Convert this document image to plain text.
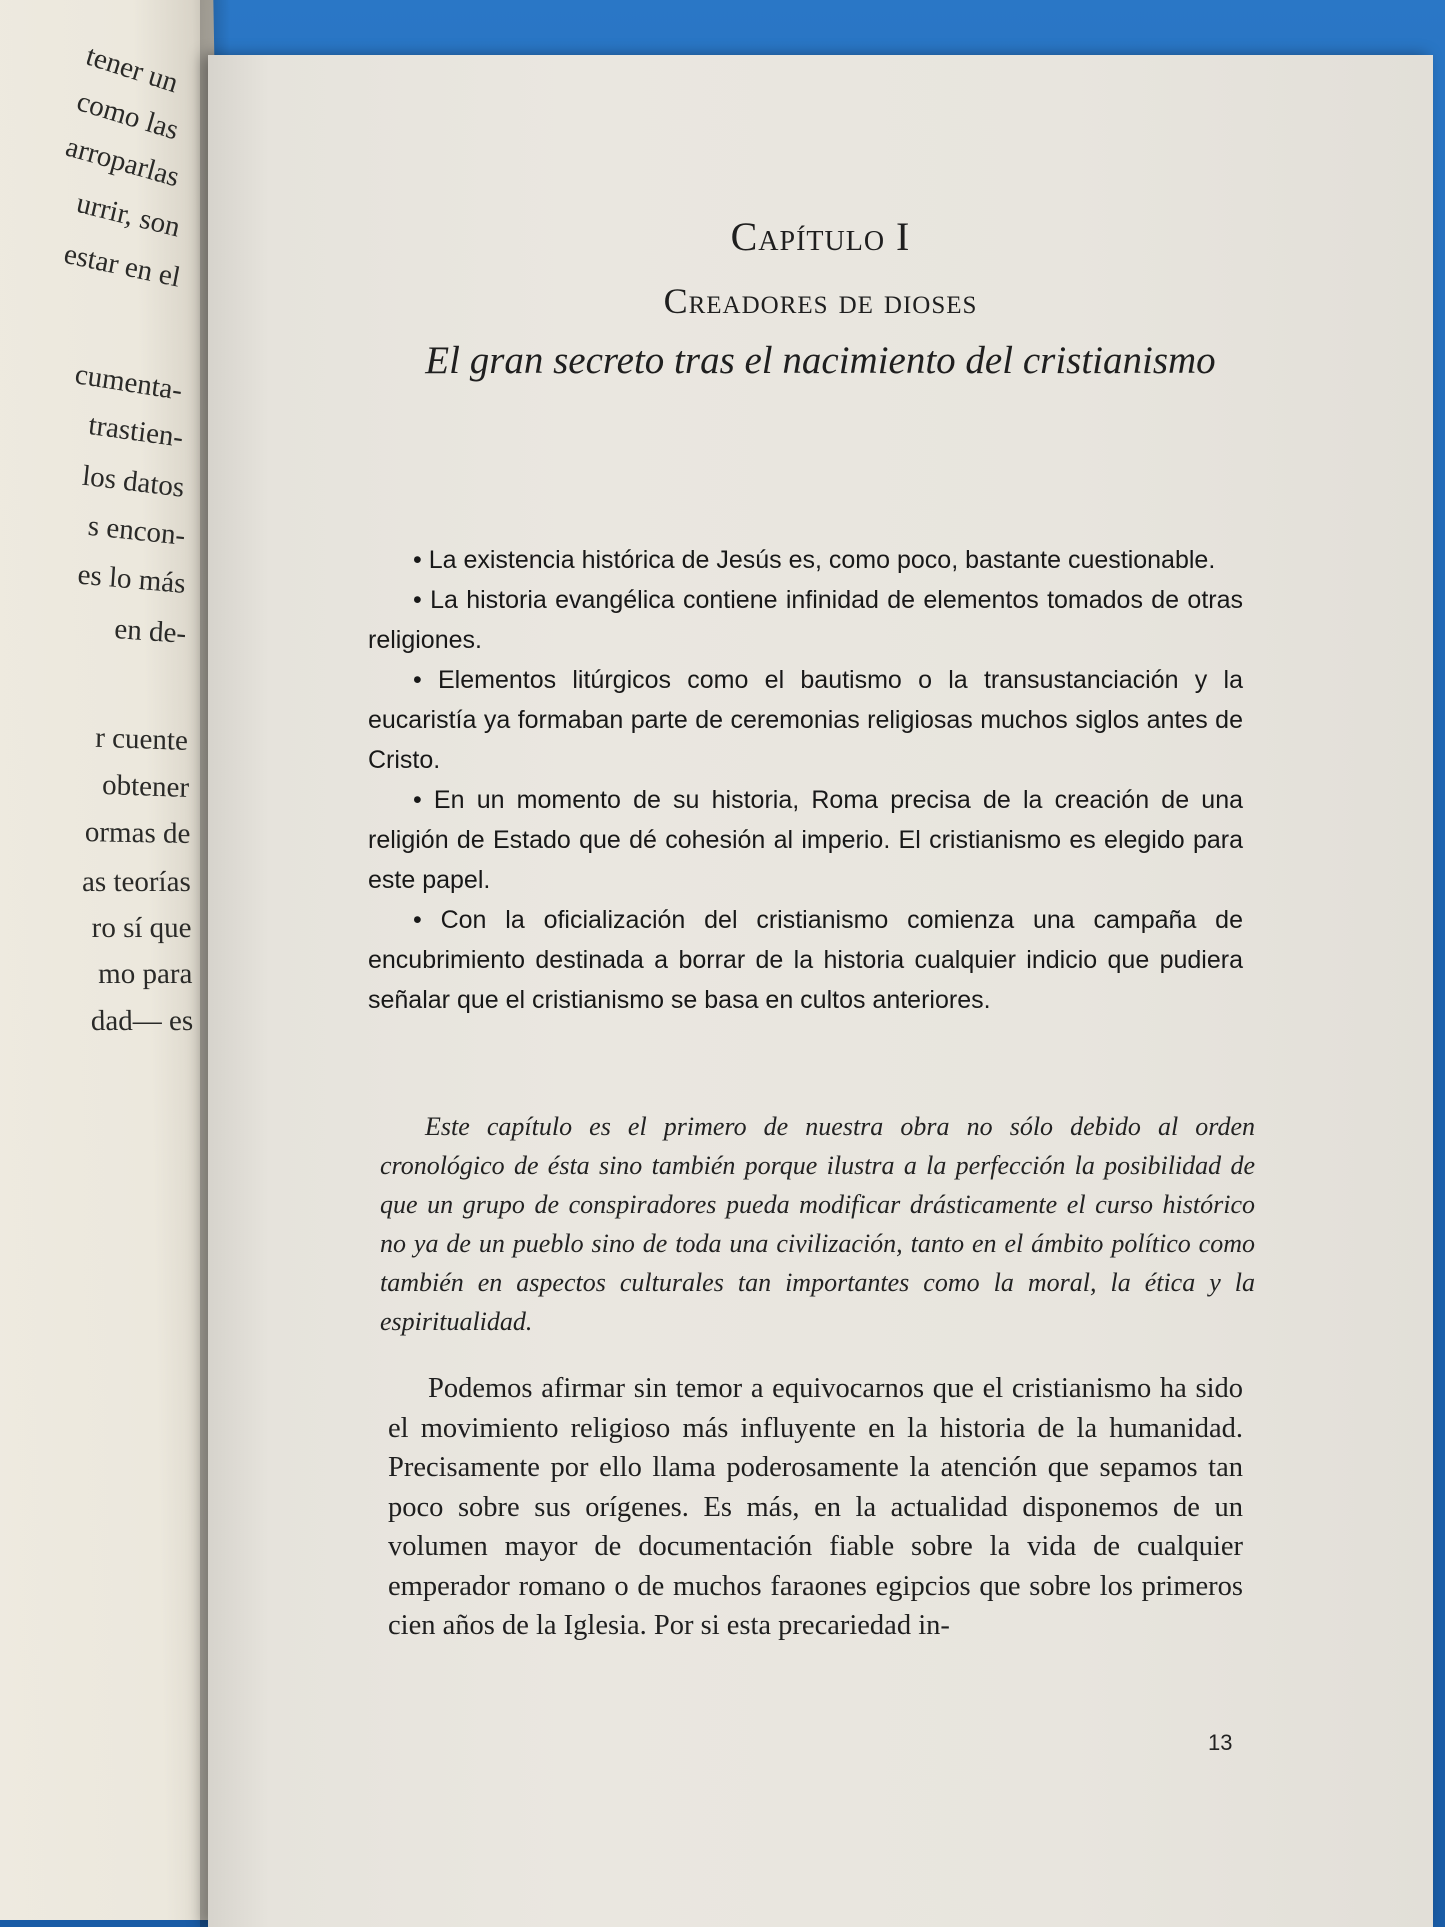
tener un
como las
arroparlas
urrir, son
estar en el
cumenta-
trastien-
los datos
s encon-
es lo más
en de-
r cuente
obtener
ormas de
as teorías
ro sí que
mo para
dad— es
Capítulo I
Creadores de dioses
El gran secreto tras el nacimiento del cristianismo

• La existencia histórica de Jesús es, como poco, bastante cuestionable.

• La historia evangélica contiene infinidad de elementos tomados de otras religiones.

• Elementos litúrgicos como el bautismo o la transustanciación y la eucaristía ya formaban parte de ceremonias religiosas muchos siglos antes de Cristo.

• En un momento de su historia, Roma precisa de la creación de una religión de Estado que dé cohesión al imperio. El cristianismo es elegido para este papel.

• Con la oficialización del cristianismo comienza una campaña de encubrimiento destinada a borrar de la historia cualquier indicio que pudiera señalar que el cristianismo se basa en cultos anteriores.

Este capítulo es el primero de nuestra obra no sólo debido al orden cronológico de ésta sino también porque ilustra a la perfección la posibilidad de que un grupo de conspiradores pueda modificar drásticamente el curso histórico no ya de un pueblo sino de toda una civilización, tanto en el ámbito político como también en aspectos culturales tan importantes como la moral, la ética y la espiritualidad.

Podemos afirmar sin temor a equivocarnos que el cristianismo ha sido el movimiento religioso más influyente en la historia de la humanidad. Precisamente por ello llama poderosamente la atención que sepamos tan poco sobre sus orígenes. Es más, en la actualidad disponemos de un volumen mayor de documentación fiable sobre la vida de cualquier emperador romano o de muchos faraones egipcios que sobre los primeros cien años de la Iglesia. Por si esta precariedad in-

13
